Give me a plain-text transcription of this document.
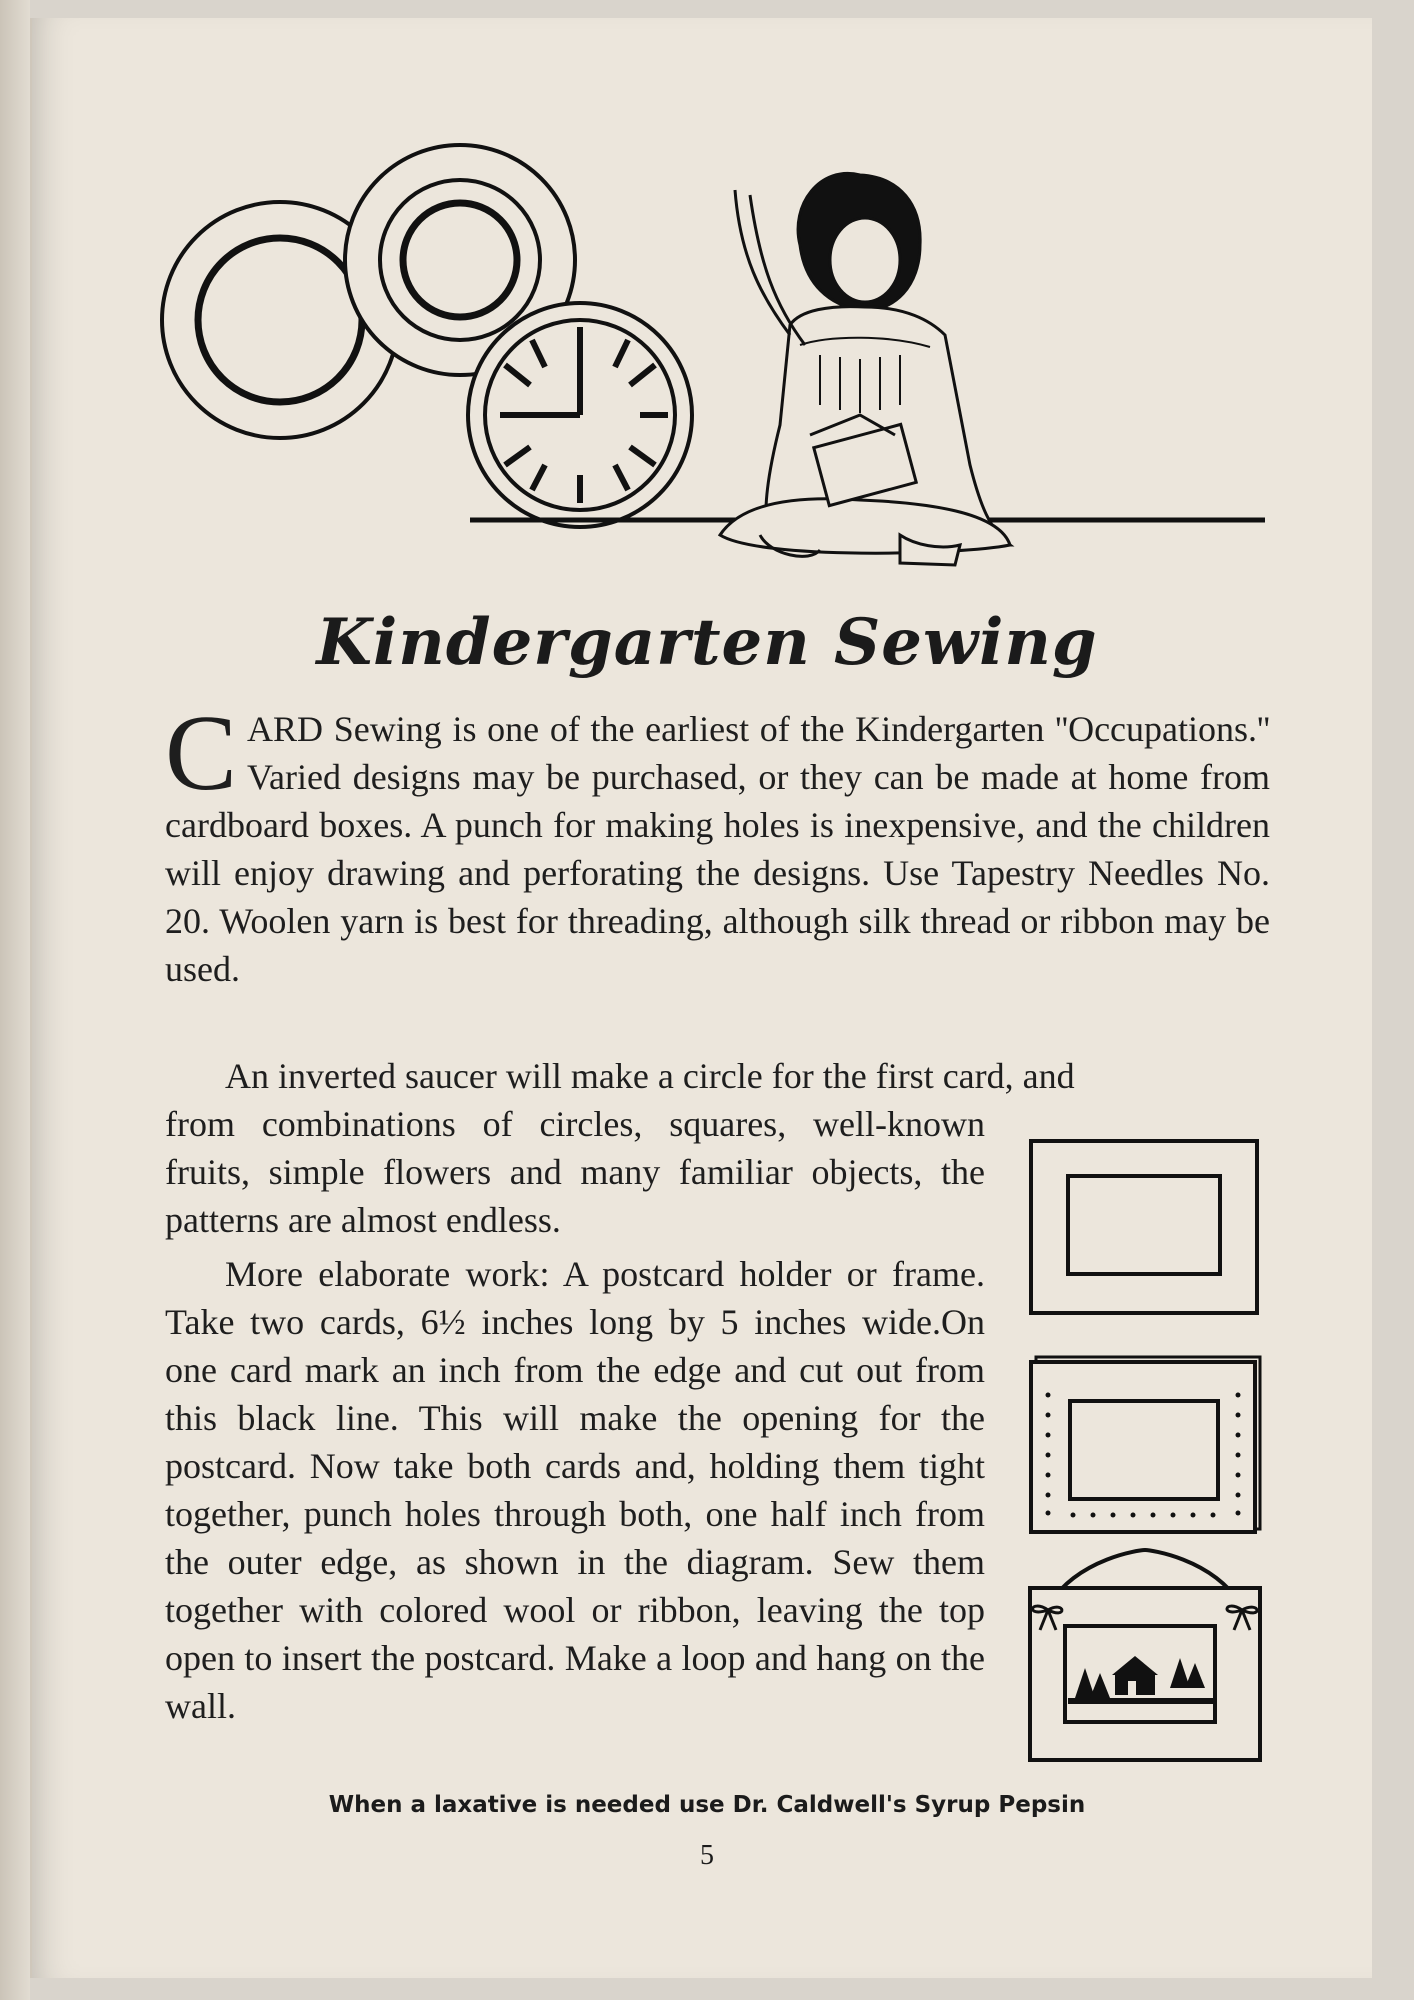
Kindergarten Sewing
C ARD Sewing is one of the earliest of the Kindergarten ''Occupations.'' Varied designs may be purchased, or they can be made at home from cardboard boxes. A punch for making holes is inexpensive, and the children will enjoy drawing and perforating the designs. Use Tapestry Needles No. 20. Woolen yarn is best for threading, although silk thread or ribbon may be used.
An inverted saucer will make a circle for the first card, and
from combinations of circles, squares, well-known fruits, simple flowers and many familiar objects, the patterns are almost endless.
More elaborate work: A postcard holder or frame. Take two cards, 6½ inches long by 5 inches wide.On one card mark an inch from the edge and cut out from this black line. This will make the opening for the postcard. Now take both cards and, holding them tight together, punch holes through both, one half inch from the outer edge, as shown in the diagram. Sew them together with colored wool or ribbon, leaving the top open to insert the postcard. Make a loop and hang on the wall.
When a laxative is needed use Dr. Caldwell's Syrup Pepsin
5
